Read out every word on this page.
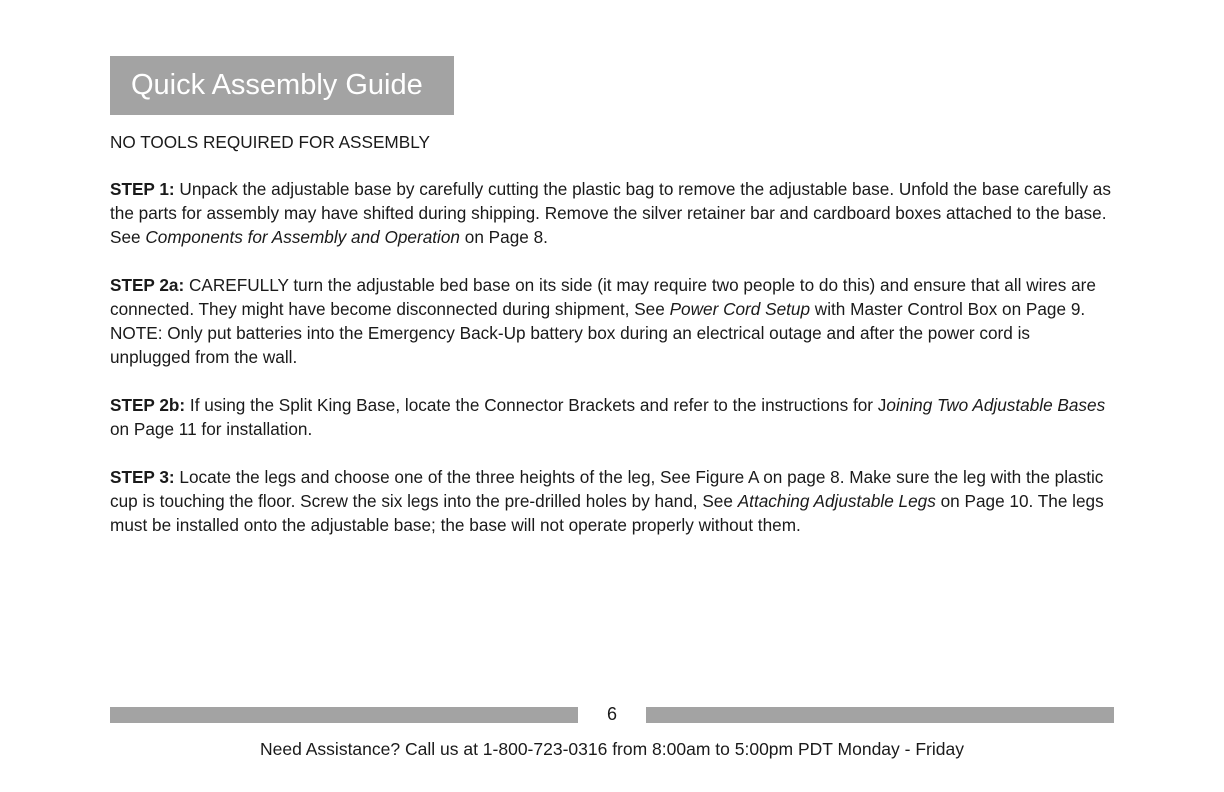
Quick Assembly Guide

NO TOOLS REQUIRED FOR ASSEMBLY

STEP 1: Unpack the adjustable base by carefully cutting the plastic bag to remove the adjustable base. Unfold the base carefully as the parts for assembly may have shifted during shipping. Remove the silver retainer bar and cardboard boxes attached to the base. See Components for Assembly and Operation on Page 8.

STEP 2a: CAREFULLY turn the adjustable bed base on its side (it may require two people to do this) and ensure that all wires are connected. They might have become disconnected during shipment, See Power Cord Setup with Master Control Box on Page 9. NOTE: Only put batteries into the Emergency Back-Up battery box during an electrical outage and after the power cord is unplugged from the wall.

STEP 2b: If using the Split King Base, locate the Connector Brackets and refer to the instructions for Joining Two Adjustable Bases on Page 11 for installation.

STEP 3: Locate the legs and choose one of the three heights of the leg, See Figure A on page 8. Make sure the leg with the plastic cup is touching the floor. Screw the six legs into the pre-drilled holes by hand, See Attaching Adjustable Legs on Page 10. The legs must be installed onto the adjustable base; the base will not operate properly without them.

6
Need Assistance? Call us at 1-800-723-0316 from 8:00am to 5:00pm PDT Monday - Friday
